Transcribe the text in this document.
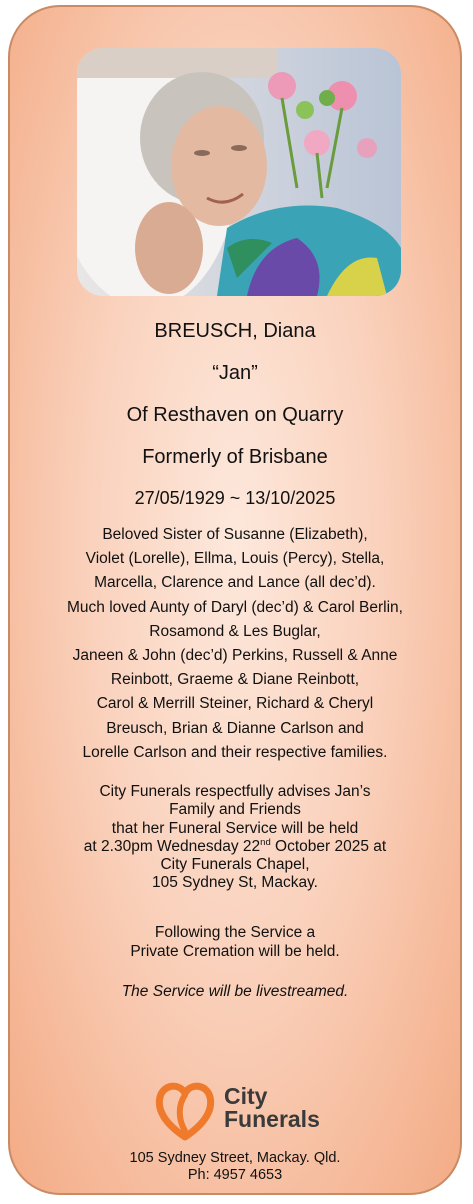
BREUSCH, Diana
“Jan”
Of Resthaven on Quarry
Formerly of Brisbane
27/05/1929 ~ 13/10/2025
Beloved Sister of Susanne (Elizabeth),
Violet (Lorelle), Ellma, Louis (Percy), Stella,
Marcella, Clarence and Lance (all dec’d).
Much loved Aunty of Daryl (dec’d) & Carol Berlin,
Rosamond & Les Buglar,
Janeen & John (dec’d) Perkins, Russell & Anne
Reinbott, Graeme & Diane Reinbott,
Carol & Merrill Steiner, Richard & Cheryl
Breusch, Brian & Dianne Carlson and
Lorelle Carlson and their respective families.
City Funerals respectfully advises Jan’s
Family and Friends
that her Funeral Service will be held
at 2.30pm Wednesday 22nd October 2025 at
City Funerals Chapel,
105 Sydney St, Mackay.
Following the Service a
Private Cremation will be held.
The Service will be livestreamed.
City
Funerals
105 Sydney Street, Mackay. Qld.
Ph: 4957 4653
